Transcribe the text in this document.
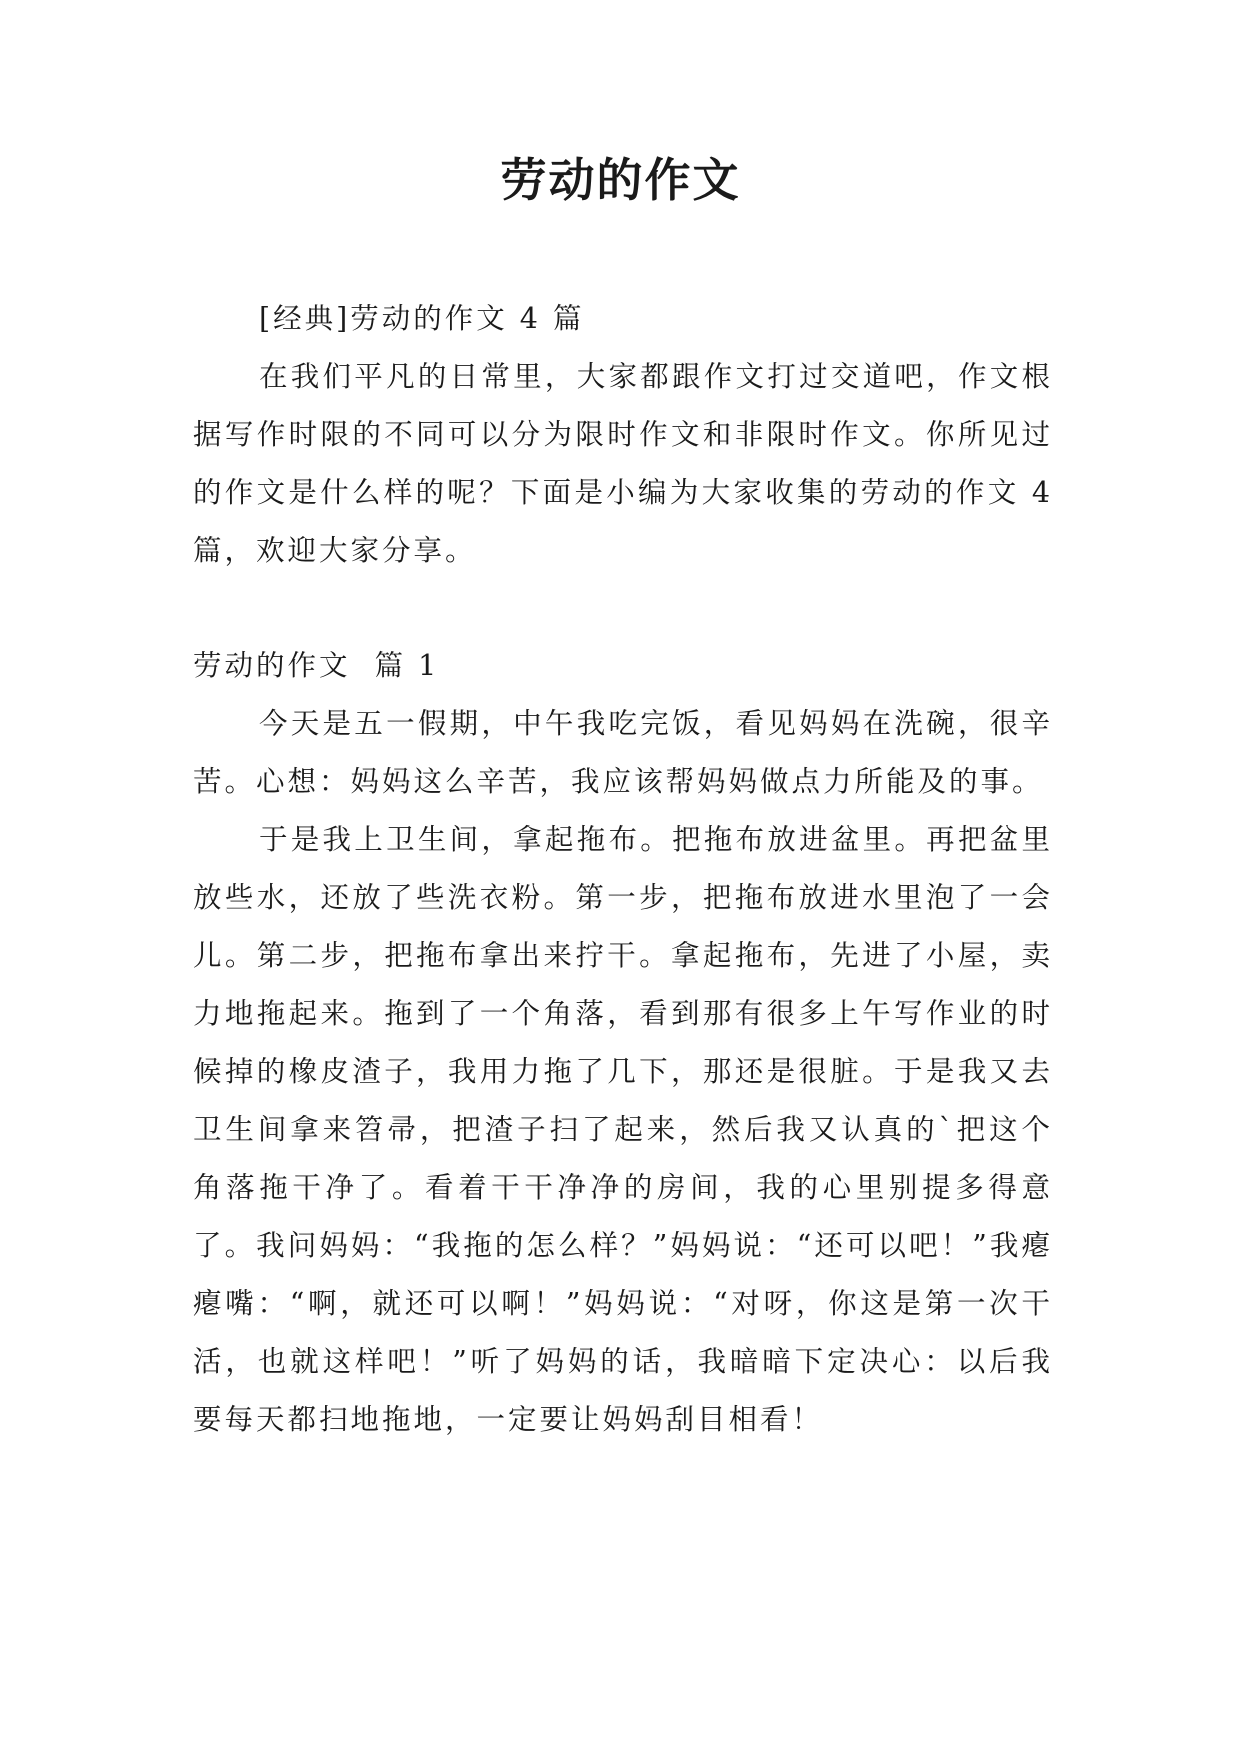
劳动的作文

[经典]劳动的作文 4 篇

在我们平凡的日常里，大家都跟作文打过交道吧，作文根据写作时限的不同可以分为限时作文和非限时作文。你所见过的作文是什么样的呢？下面是小编为大家收集的劳动的作文 4 篇，欢迎大家分享。

劳动的作文  篇 1

今天是五一假期，中午我吃完饭，看见妈妈在洗碗，很辛苦。心想：妈妈这么辛苦，我应该帮妈妈做点力所能及的事。

于是我上卫生间，拿起拖布。把拖布放进盆里。再把盆里放些水，还放了些洗衣粉。第一步，把拖布放进水里泡了一会儿。第二步，把拖布拿出来拧干。拿起拖布，先进了小屋，卖力地拖起来。拖到了一个角落，看到那有很多上午写作业的时候掉的橡皮渣子，我用力拖了几下，那还是很脏。于是我又去卫生间拿来笤帚，把渣子扫了起来，然后我又认真的`把这个角落拖干净了。看着干干净净的房间，我的心里别提多得意了。我问妈妈：“我拖的怎么样？”妈妈说：“还可以吧！”我瘪瘪嘴：“啊，就还可以啊！”妈妈说：“对呀，你这是第一次干活，也就这样吧！”听了妈妈的话，我暗暗下定决心：以后我要每天都扫地拖地，一定要让妈妈刮目相看！
